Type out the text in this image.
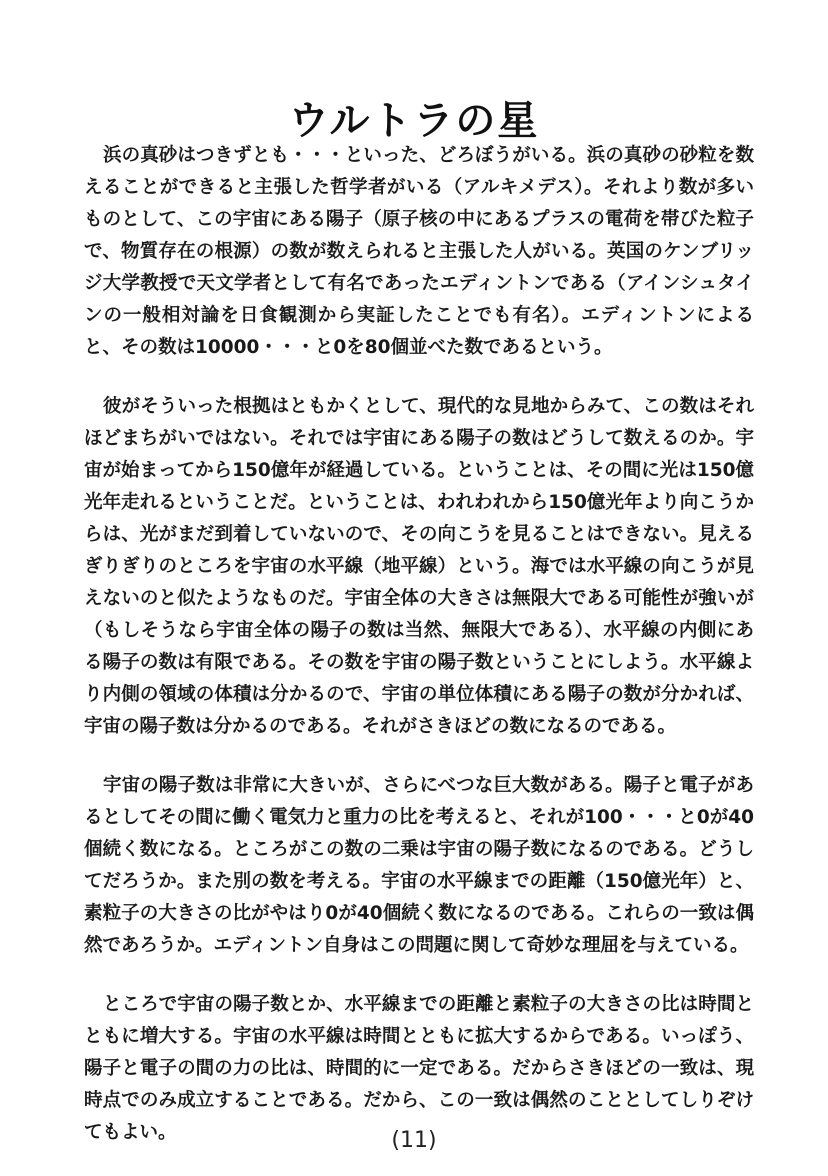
ウルトラの星

浜の真砂はつきずとも・・・といった、どろぼうがいる。浜の真砂の砂粒を数えることができると主張した哲学者がいる（アルキメデス）。それより数が多いものとして、この宇宙にある陽子（原子核の中にあるプラスの電荷を帯びた粒子で、物質存在の根源）の数が数えられると主張した人がいる。英国のケンブリッジ大学教授で天文学者として有名であったエディントンである（アインシュタインの一般相対論を日食観測から実証したことでも有名）。エディントンによると、その数は10000・・・と0を80個並べた数であるという。

彼がそういった根拠はともかくとして、現代的な見地からみて、この数はそれほどまちがいではない。それでは宇宙にある陽子の数はどうして数えるのか。宇宙が始まってから150億年が経過している。ということは、その間に光は150億光年走れるということだ。ということは、われわれから150億光年より向こうからは、光がまだ到着していないので、その向こうを見ることはできない。見えるぎりぎりのところを宇宙の水平線（地平線）という。海では水平線の向こうが見えないのと似たようなものだ。宇宙全体の大きさは無限大である可能性が強いが（もしそうなら宇宙全体の陽子の数は当然、無限大である）、水平線の内側にある陽子の数は有限である。その数を宇宙の陽子数ということにしよう。水平線より内側の領域の体積は分かるので、宇宙の単位体積にある陽子の数が分かれば、宇宙の陽子数は分かるのである。それがさきほどの数になるのである。

宇宙の陽子数は非常に大きいが、さらにべつな巨大数がある。陽子と電子があるとしてその間に働く電気力と重力の比を考えると、それが100・・・と0が40個続く数になる。ところがこの数の二乗は宇宙の陽子数になるのである。どうしてだろうか。また別の数を考える。宇宙の水平線までの距離（150億光年）と、素粒子の大きさの比がやはり0が40個続く数になるのである。これらの一致は偶然であろうか。エディントン自身はこの問題に関して奇妙な理屈を与えている。

ところで宇宙の陽子数とか、水平線までの距離と素粒子の大きさの比は時間とともに増大する。宇宙の水平線は時間とともに拡大するからである。いっぽう、陽子と電子の間の力の比は、時間的に一定である。だからさきほどの一致は、現時点でのみ成立することである。だから、この一致は偶然のこととしてしりぞけてもよい。	(11)
